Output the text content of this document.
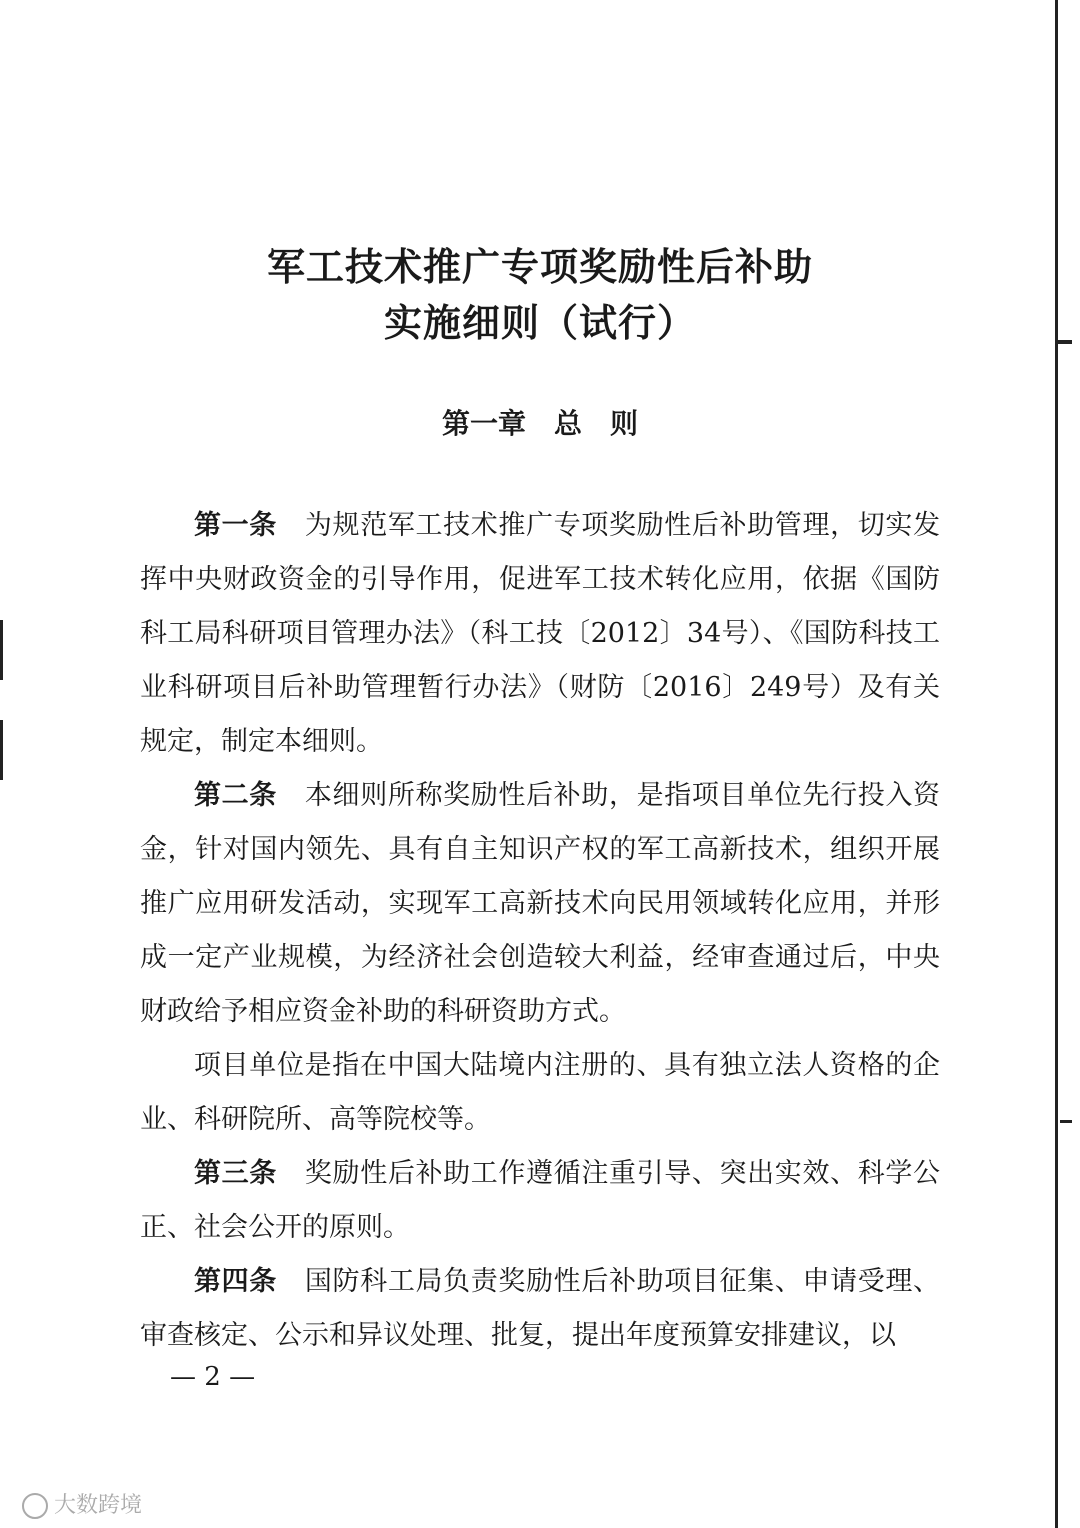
军工技术推广专项奖励性后补助
实施细则（试行）
第一章　总　则

第一条 为规范军工技术推广专项奖励性后补助管理，切实发挥中央财政资金的引导作用，促进军工技术转化应用，依据《国防科工局科研项目管理办法》（科工技〔2012〕34号）、《国防科技工业科研项目后补助管理暂行办法》（财防〔2016〕249号）及有关规定，制定本细则。

第二条 本细则所称奖励性后补助，是指项目单位先行投入资金，针对国内领先、具有自主知识产权的军工高新技术，组织开展推广应用研发活动，实现军工高新技术向民用领域转化应用，并形成一定产业规模，为经济社会创造较大利益，经审查通过后，中央财政给予相应资金补助的科研资助方式。

项目单位是指在中国大陆境内注册的、具有独立法人资格的企业、科研院所、高等院校等。

第三条 奖励性后补助工作遵循注重引导、突出实效、科学公正、社会公开的原则。

第四条 国防科工局负责奖励性后补助项目征集、申请受理、审查核定、公示和异议处理、批复，提出年度预算安排建议，以

— 2 —
大数跨境
